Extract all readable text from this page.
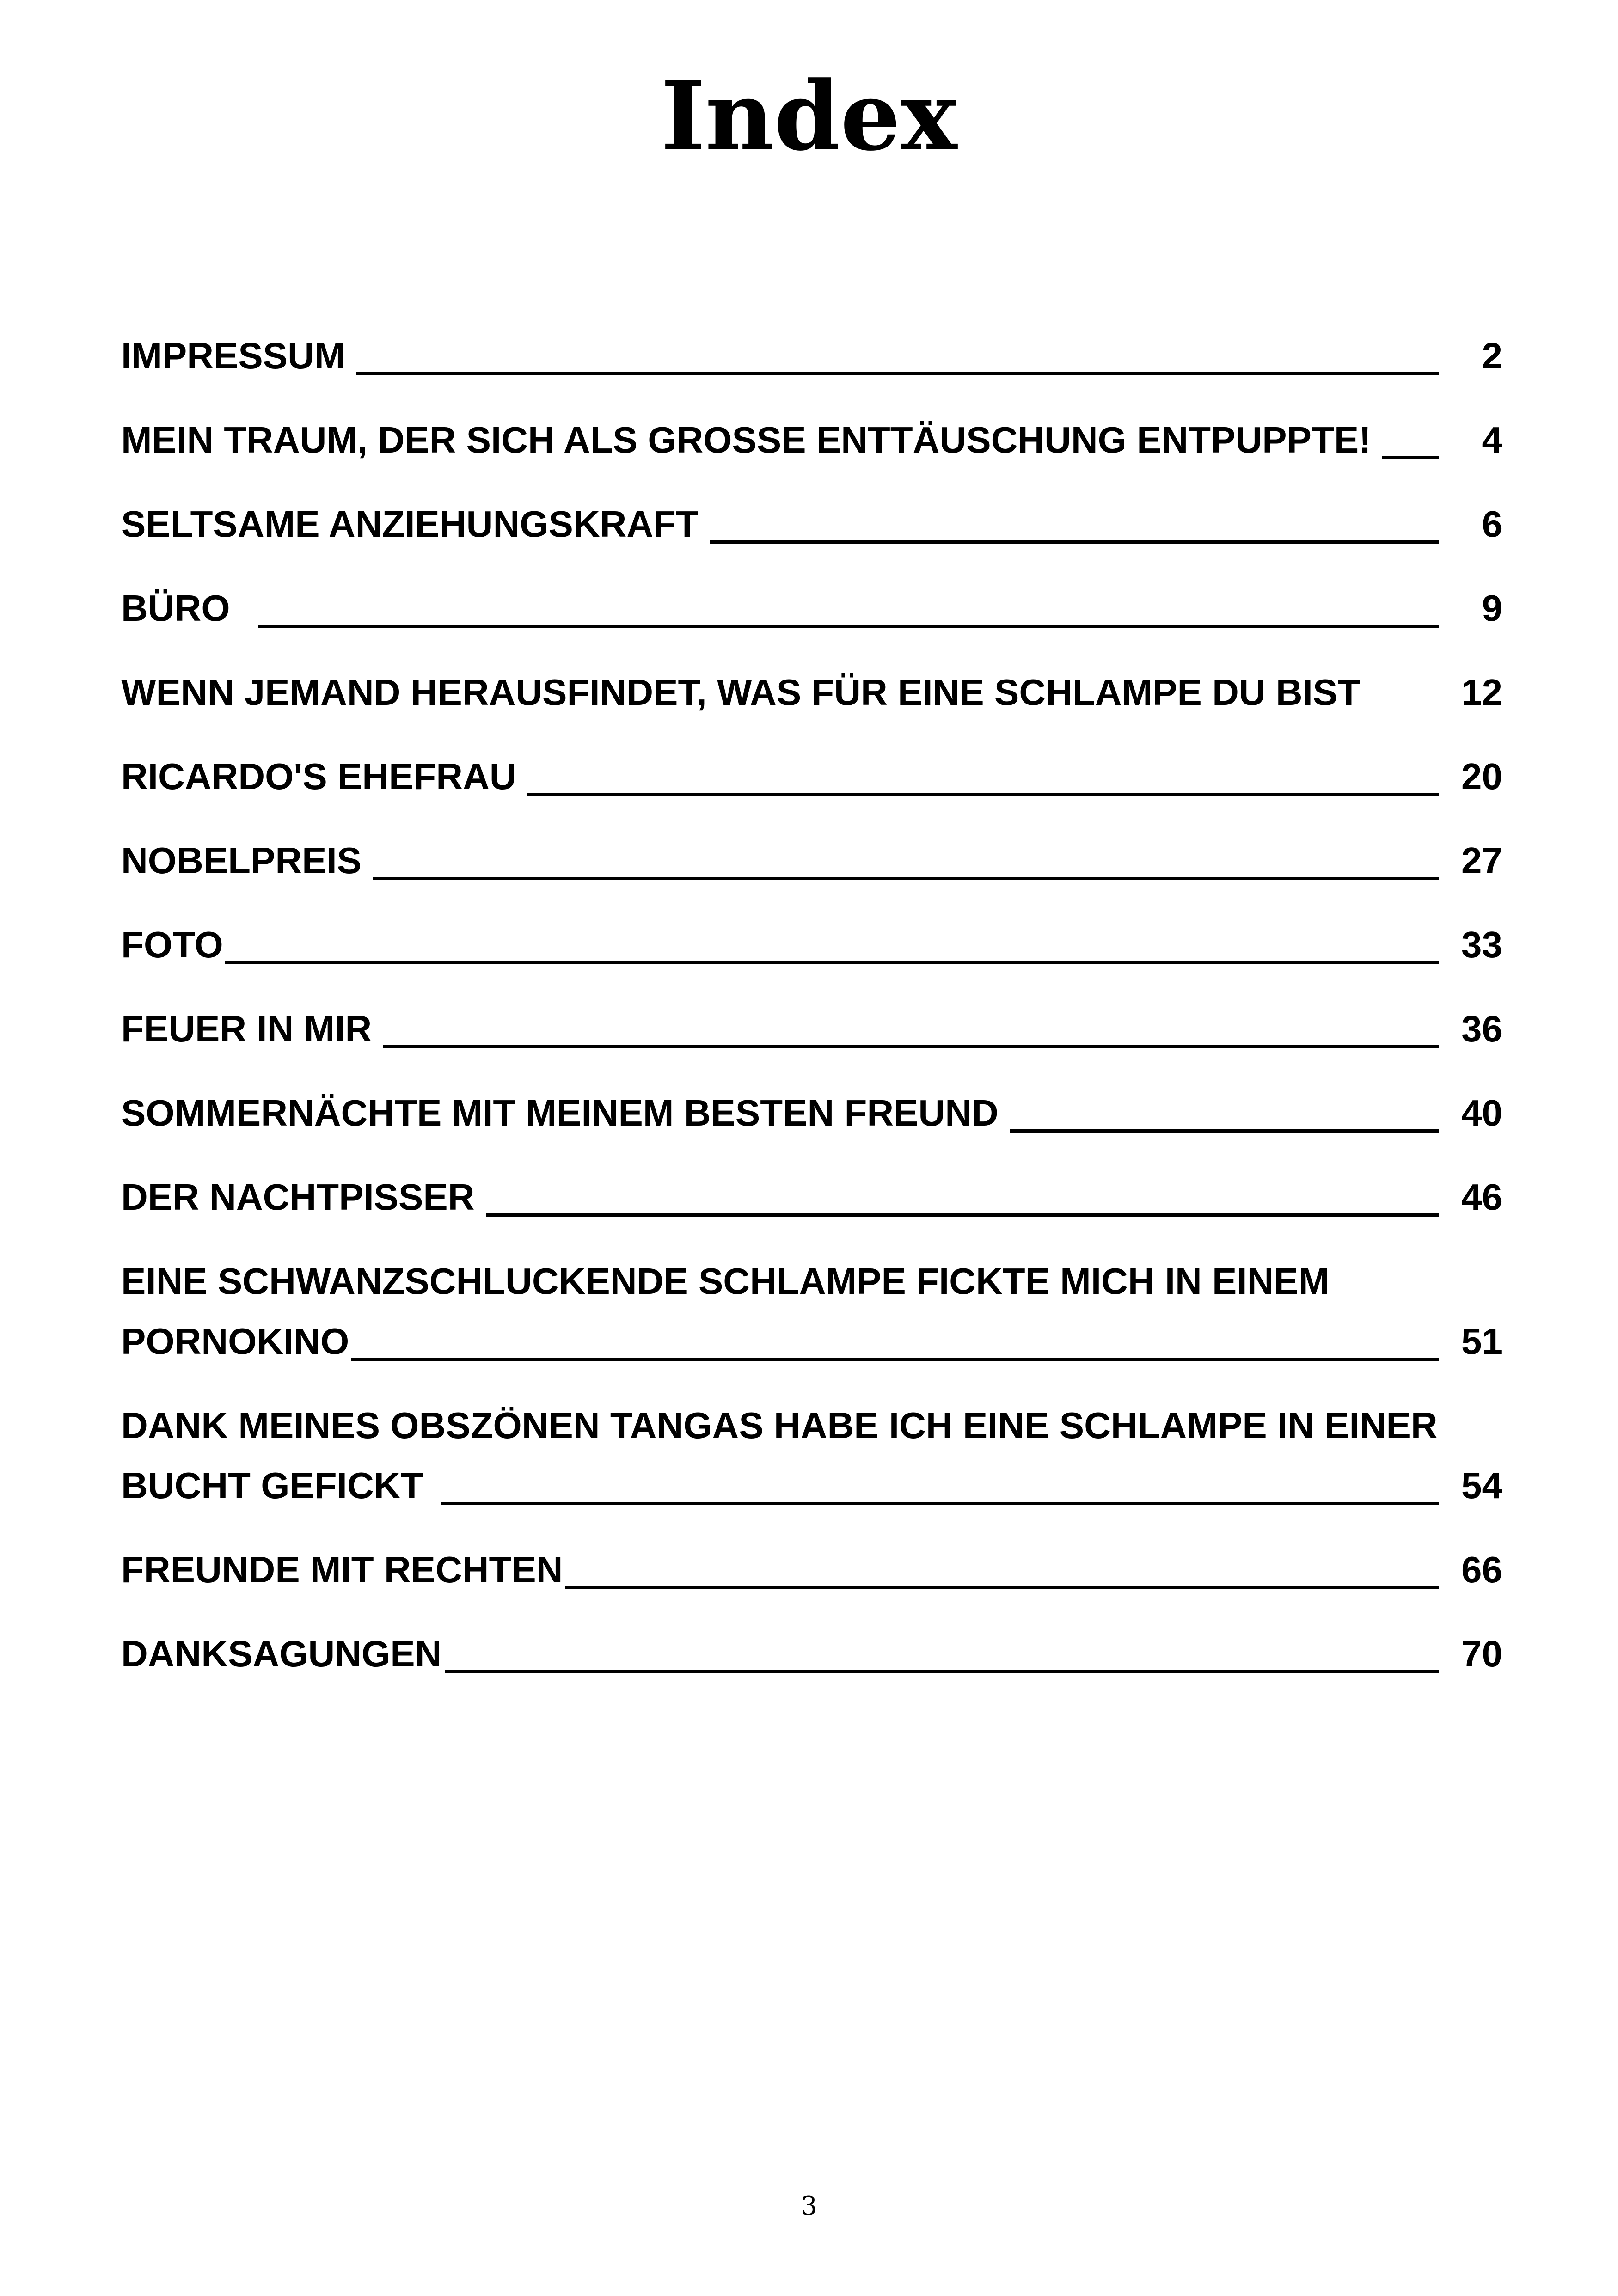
Index
IMPRESSUM	2
MEIN TRAUM, DER SICH ALS GROSSE ENTTÄUSCHUNG ENTPUPPTE!	4
SELTSAME ANZIEHUNGSKRAFT	6
BÜRO	9
WENN JEMAND HERAUSFINDET, WAS FÜR EINE SCHLAMPE DU BIST	12
RICARDO'S EHEFRAU	20
NOBELPREIS	27
FOTO	33
FEUER IN MIR	36
SOMMERNÄCHTE MIT MEINEM BESTEN FREUND	40
DER NACHTPISSER	46
EINE SCHWANZSCHLUCKENDE SCHLAMPE FICKTE MICH IN EINEM
PORNOKINO	51
DANK MEINES OBSZÖNEN TANGAS HABE ICH EINE SCHLAMPE IN EINER
BUCHT GEFICKT	54
FREUNDE MIT RECHTEN	66
DANKSAGUNGEN	70
3
